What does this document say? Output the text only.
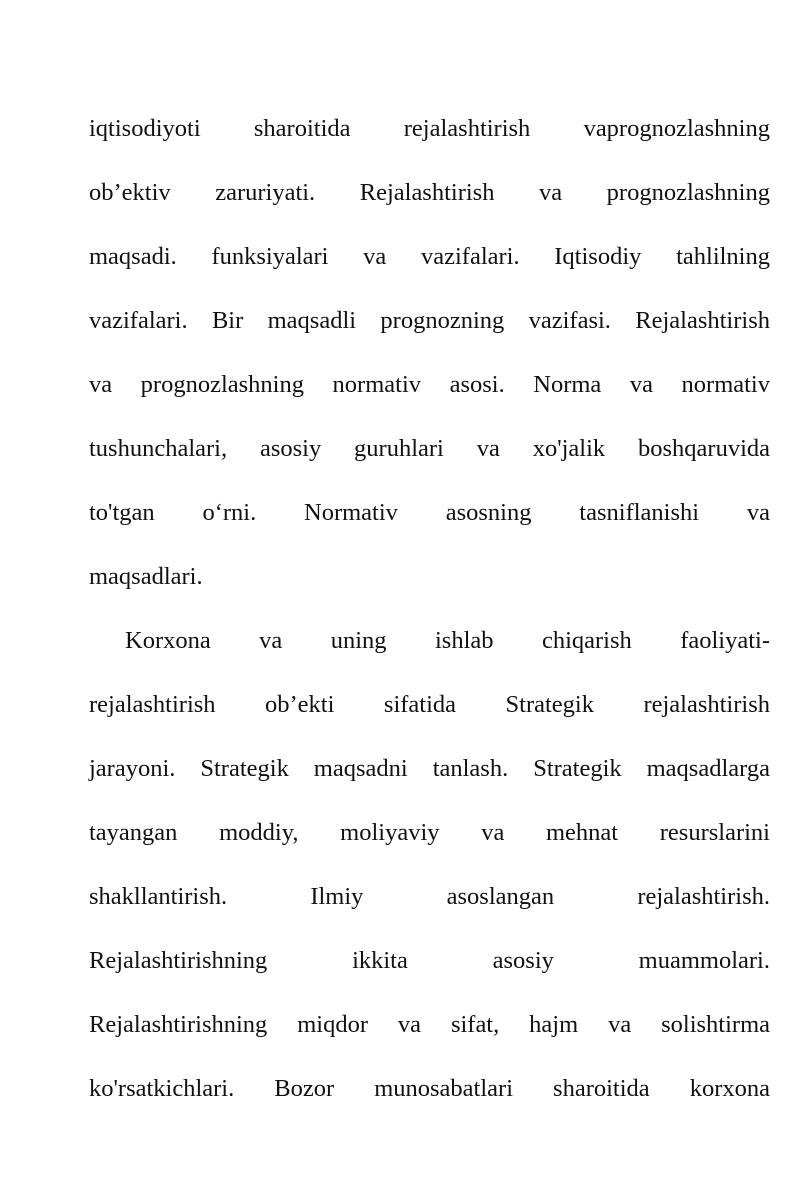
iqtisodiyoti sharoitida rejalashtirish vaprognozlashning

ob’ektiv zaruriyati. Rejalashtirish va prognozlashning

maqsadi. funksiyalari va vazifalari. Iqtisodiy tahlilning

vazifalari. Bir maqsadli prognozning vazifasi. Rejalashtirish

va prognozlashning normativ asosi. Norma va normativ

tushunchalari, asosiy guruhlari va xo'jalik boshqaruvida

to'tgan o‘rni. Normativ asosning tasniflanishi va

maqsadlari.

Korxona va uning ishlab chiqarish faoliyati-

rejalashtirish ob’ekti sifatida Strategik rejalashtirish

jarayoni. Strategik maqsadni tanlash. Strategik maqsadlarga

tayangan moddiy, moliyaviy va mehnat resurslarini

shakllantirish. Ilmiy asoslangan rejalashtirish.

Rejalashtirishning ikkita asosiy muammolari.

Rejalashtirishning miqdor va sifat, hajm va solishtirma

ko'rsatkichlari. Bozor munosabatlari sharoitida korxona
